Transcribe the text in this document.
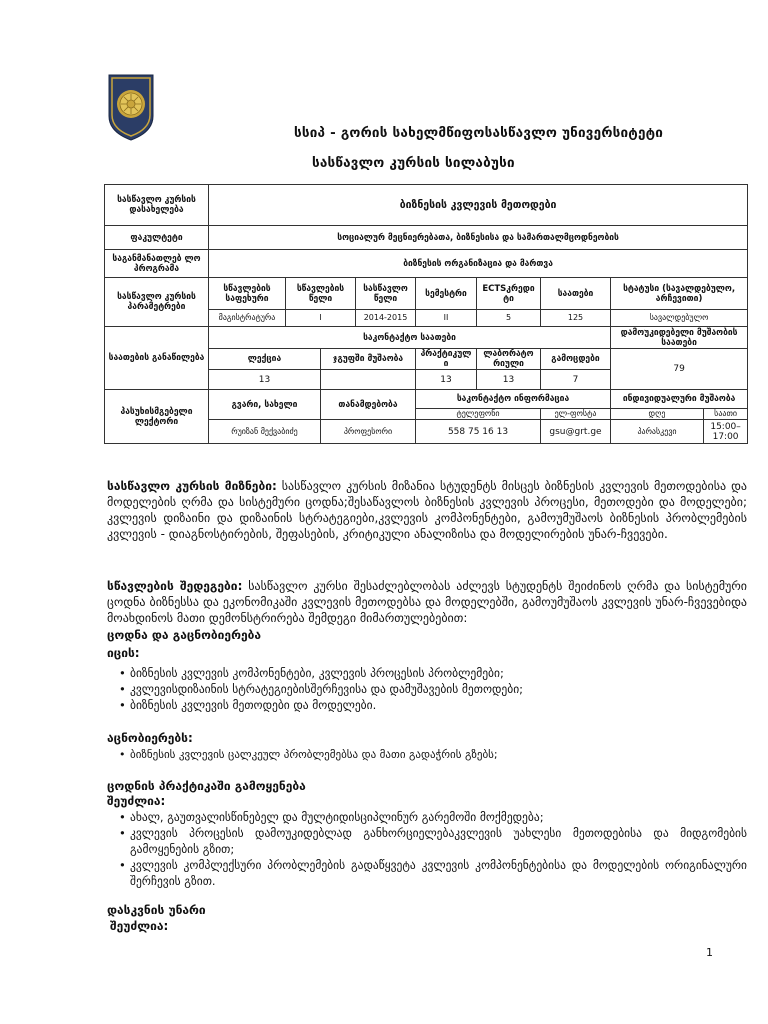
სსიპ - გორის სახელმწიფოსასწავლო უნივერსიტეტი
სასწავლო კურსის სილაბუსი
სასწავლო კურსის დასახელება	ბიზნესის კვლევის მეთოდები								
ფაკულტეტი	სოციალურ მეცნიერებათა, ბიზნესისა და სამართალმცოდნეობის								
საგანმანათლებ ლო პროგრამა	ბიზნესის ორგანიზაცია და მართვა								
სასწავლო კურსის პარამეტრები	სწავლების საფეხური	სწავლების წელი		სასწავლო წელი	სემესტრი	ECTSკრედი ტი	საათები	სტატუსი (სავალდებულო, არჩევითი)	
	მაგისტრატურა	I		2014-2015	II	5	125	სავალდებულო	
საათების განაწილება	საკონტაქტო საათები							დამოუკიდებელი მუშაობის საათები	
	ლექცია		ჯგუფში მუშაობა		პრაქტიკულ ი	ლაბორატო რიული	გამოცდები	79	
	13				13	13	7		
პასუხისმგებელი ლექტორი	გვარი, სახელი		თანამდებობა		საკონტაქტო ინფორმაცია			ინდივიდუალური მუშაობა	
					ტელეფონი		ელ-ფოსტა	დღე	საათი
	რუიზან მექვაბიძე		პროფესორი		558 75 16 13		gsu@grt.ge	პარასკევი	15:00–17:00
სასწავლო კურსის მიზნები: სასწავლო კურსის მიზანია სტუდენტს მისცეს ბიზნესის კვლევის მეთოდებისა და მოდელების ღრმა და სისტემური ცოდნა;შესაწავლოს ბიზნესის კვლევის პროცესი, მეთოდები და მოდელები; კვლევის დიზაინი და დიზაინის სტრატეგიები,კვლევის კომპონენტები, გამოუმუშაოს ბიზნესის პრობლემების კვლევის - დიაგნოსტირების, შეფასების, კრიტიკული ანალიზისა და მოდელირების უნარ-ჩვევები.
სწავლების შედეგები: სასწავლო კურსი შესაძლებლობას აძლევს სტუდენტს შეიძინოს ღრმა და სისტემური ცოდნა ბიზნესსა და ეკონომიკაში კვლევის მეთოდებსა და მოდელებში, გამოუმუშაოს კვლევის უნარ-ჩვევებიდა მოახდინოს მათი დემონსტრირება შემდეგი მიმართულებებით:
ცოდნა და გაცნობიერება
იცის:
• ბიზნესის კვლევის კომპონენტები, კვლევის პროცესის პრობლემები;
• კვლევისდიზაინის სტრატეგიებისშერჩევისა და დამუშავების მეთოდები;
• ბიზნესის კვლევის მეთოდები და მოდელები.
აცნობიერებს:
• ბიზნესის კვლევის ცალკეულ პრობლემებსა და მათი გადაჭრის გზებს;
ცოდნის პრაქტიკაში გამოყენება
შეუძლია:
• ახალ, გაუთვალისწინებელ და მულტიდისციპლინურ გარემოში მოქმედება;
• კვლევის პროცესის დამოუკიდებლად განხორციელებაკვლევის უახლესი მეთოდებისა და მიდგომების გამოყენების გზით;
• კვლევის კომპლექსური პრობლემების გადაწყვეტა კვლევის კომპონენტებისა და მოდელების ორიგინალური შერჩევის გზით.
დასკვნის უნარი
შეუძლია:
1
